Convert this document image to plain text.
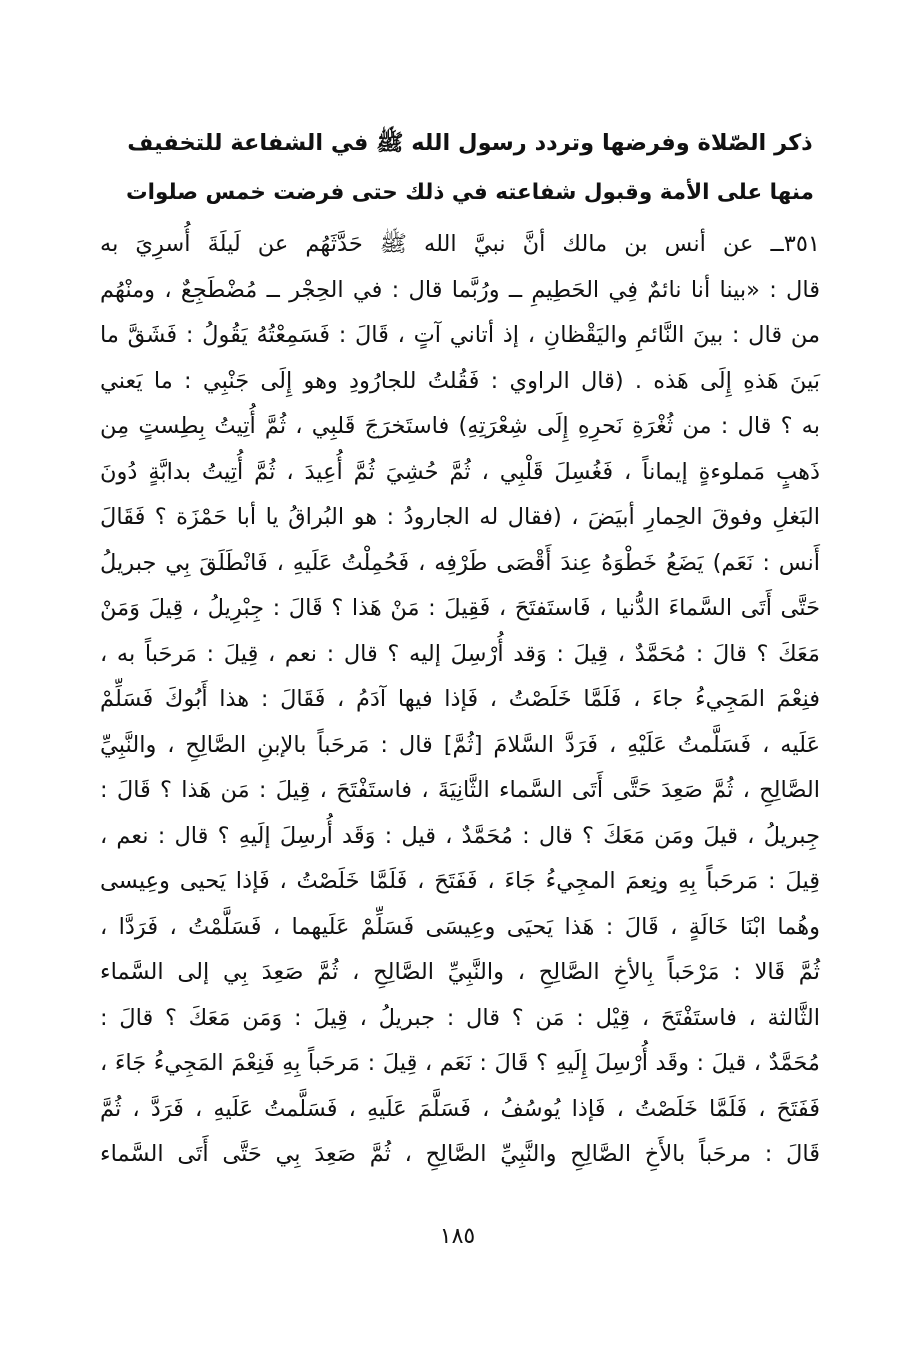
ذكر الصّلاة وفرضها وتردد رسول الله ﷺ في الشفاعة للتخفيف
منها على الأمة وقبول شفاعته في ذلك حتى فرضت خمس صلوات
٣٥١ــ عن أنس بن مالك أنَّ نبيَّ الله ﷺ حَدَّثَهُم عن لَيلَةَ أُسرِيَ به
قال : «بينا أنا نائمٌ فِي الحَطِيمِ ــ ورُبَّما قال : في الحِجْر ــ مُضْطَجِعٌ ، ومنْهُم
من قال : بينَ النَّائمِ واليَقْظانِ ، إذ أتاني آتٍ ، قَالَ : فَسَمِعْتُهُ يَقُولُ : فَشَقَّ ما
بَينَ هَذهِ إِلَى هَذه . (قال الراوي : فَقُلتُ للجارُودِ وهو إِلَى جَنْبِي : ما يَعني
به ؟ قال : من ثُغْرَةِ نَحرِهِ إِلَى شِعْرَتِهِ) فاستَخرَجَ قَلبِي ، ثُمَّ أُتِيتُ بِطِستٍ مِن
ذَهبٍ مَملوءةٍ إيماناً ، فَغُسِلَ قَلْبِي ، ثُمَّ حُشِيَ ثُمَّ أُعِيدَ ، ثُمَّ أُتِيتُ بدابَّةٍ دُونَ
البَغلِ وفوقَ الحِمارِ أبيَضَ ، (فقال له الجارودُ : هو البُراقُ يا أبا حَمْزَة ؟ فَقَالَ
أَنس : نَعَم) يَضَعُ خَطْوَهُ عِندَ أَقْصَى طَرْفِه ، فَحُمِلْتُ عَلَيهِ ، فَانْطَلَقَ بِي جبريلُ
حَتَّى أَتَى السَّماءَ الدُّنيا ، فَاستَفتَحَ ، فَقِيلَ : مَنْ هَذا ؟ قَالَ : جِبْرِيلُ ، قِيلَ وَمَنْ
مَعَكَ ؟ قالَ : مُحَمَّدٌ ، قِيلَ : وَقد أُرْسِلَ إليه ؟ قال : نعم ، قِيلَ : مَرحَباً به ،
فنِعْمَ المَجِيءُ جاءَ ، فَلَمَّا خَلَصْتُ ، فَإذا فيها آدَمُ ، فَقَالَ : هذا أَبُوكَ فَسَلِّمْ
عَلَيه ، فَسَلَّمتُ عَلَيْهِ ، فَرَدَّ السَّلامَ [ثُمَّ] قال : مَرحَباً بالإبنِ الصَّالِحِ ، والنَّبِيِّ
الصَّالِحِ ، ثُمَّ صَعِدَ حَتَّى أَتَى السَّماء الثَّانِيَةَ ، فاستَفْتَحَ ، قِيلَ : مَن هَذا ؟ قَالَ :
جِبريلُ ، قيلَ ومَن مَعَكَ ؟ قال : مُحَمَّدٌ ، قيل : وَقَد أُرسِلَ إلَيهِ ؟ قال : نعم ،
قِيلَ : مَرحَباً بِهِ ونِعمَ المجِيءُ جَاءَ ، فَفَتَحَ ، فَلَمَّا خَلَصْتُ ، فَإذا يَحيى وعِيسى
وهُما ابْنَا خَالَةٍ ، قَالَ : هَذا يَحيَى وعِيسَى فَسَلِّمْ عَلَيهما ، فَسَلَّمْتُ ، فَرَدَّا ،
ثُمَّ قَالا : مَرْحَباً بِالأخِ الصَّالِحِ ، والنَّبِيِّ الصَّالِحِ ، ثُمَّ صَعِدَ بِي إلى السَّماء
الثَّالثة ، فاستَفْتَحَ ، قِيْل : مَن ؟ قال : جبريلُ ، قِيلَ : وَمَن مَعَكَ ؟ قالَ :
مُحَمَّدٌ ، قيلَ : وقَد أُرْسِلَ إِلَيهِ ؟ قَالَ : نَعَم ، قِيلَ : مَرحَباً بِهِ فَنِعْمَ المَجِيءُ جَاءَ ،
فَفَتَحَ ، فَلَمَّا خَلَصْتُ ، فَإذا يُوسُفُ ، فَسَلَّمَ عَلَيهِ ، فَسَلَّمتُ عَلَيهِ ، فَرَدَّ ، ثُمَّ
قَالَ : مرحَباً بالأَخِ الصَّالِحِ والنَّبِيِّ الصَّالِحِ ، ثُمَّ صَعِدَ بِي حَتَّى أَتَى السَّماء
١٨٥
